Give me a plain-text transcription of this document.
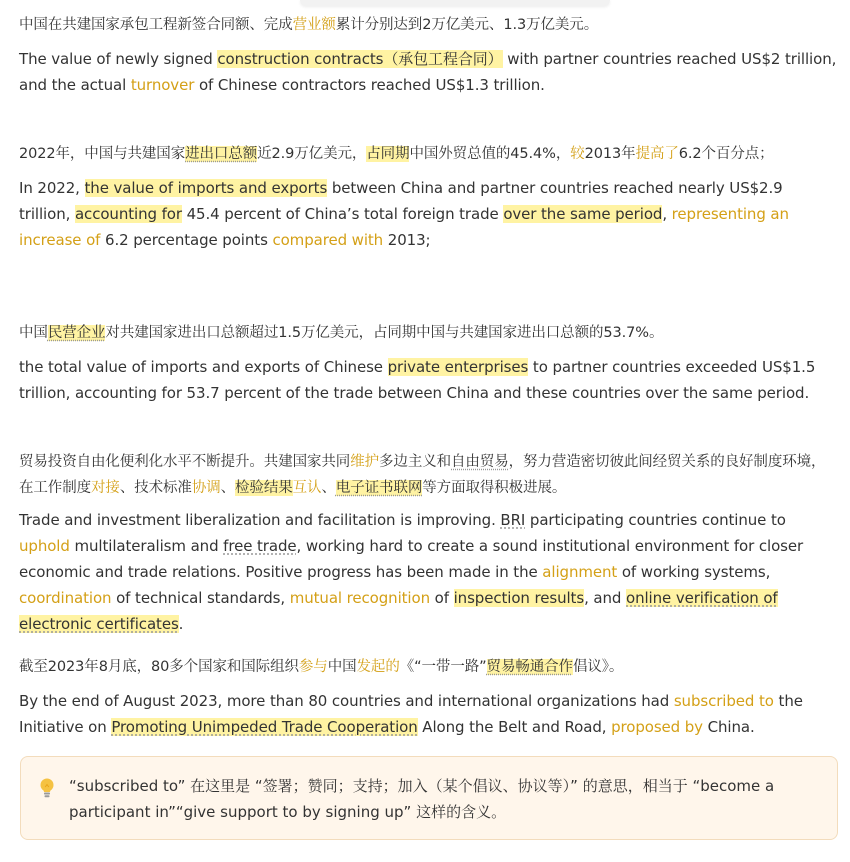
中国在共建国家承包工程新签合同额、完成营业额累计分别达到2万亿美元、1.3万亿美元。

The value of newly signed construction contracts（承包工程合同） with partner countries reached US$2 trillion, and the actual turnover of Chinese contractors reached US$1.3 trillion.

2022年，中国与共建国家进出口总额近2.9万亿美元，占同期中国外贸总值的45.4%，较2013年提高了6.2个百分点；

In 2022, the value of imports and exports between China and partner countries reached nearly US$2.9 trillion, accounting for 45.4 percent of China’s total foreign trade over the same period, representing an increase of 6.2 percentage points compared with 2013;

中国民营企业对共建国家进出口总额超过1.5万亿美元，占同期中国与共建国家进出口总额的53.7%。

the total value of imports and exports of Chinese private enterprises to partner countries exceeded US$1.5 trillion, accounting for 53.7 percent of the trade between China and these countries over the same period.

贸易投资自由化便利化水平不断提升。共建国家共同维护多边主义和自由贸易，努力营造密切彼此间经贸关系的良好制度环境，在工作制度对接、技术标准协调、检验结果互认、电子证书联网等方面取得积极进展。

Trade and investment liberalization and facilitation is improving. BRI participating countries continue to uphold multilateralism and free trade, working hard to create a sound institutional environment for closer economic and trade relations. Positive progress has been made in the alignment of working systems, coordination of technical standards, mutual recognition of inspection results, and online verification of electronic certificates.

截至2023年8月底，80多个国家和国际组织参与中国发起的《“一带一路”贸易畅通合作倡议》。

By the end of August 2023, more than 80 countries and international organizations had subscribed to the Initiative on Promoting Unimpeded Trade Cooperation Along the Belt and Road, proposed by China.

“subscribed to” 在这里是 “签署；赞同；支持；加入（某个倡议、协议等）” 的意思，相当于 “become a participant in”“give support to by signing up” 这样的含义。
